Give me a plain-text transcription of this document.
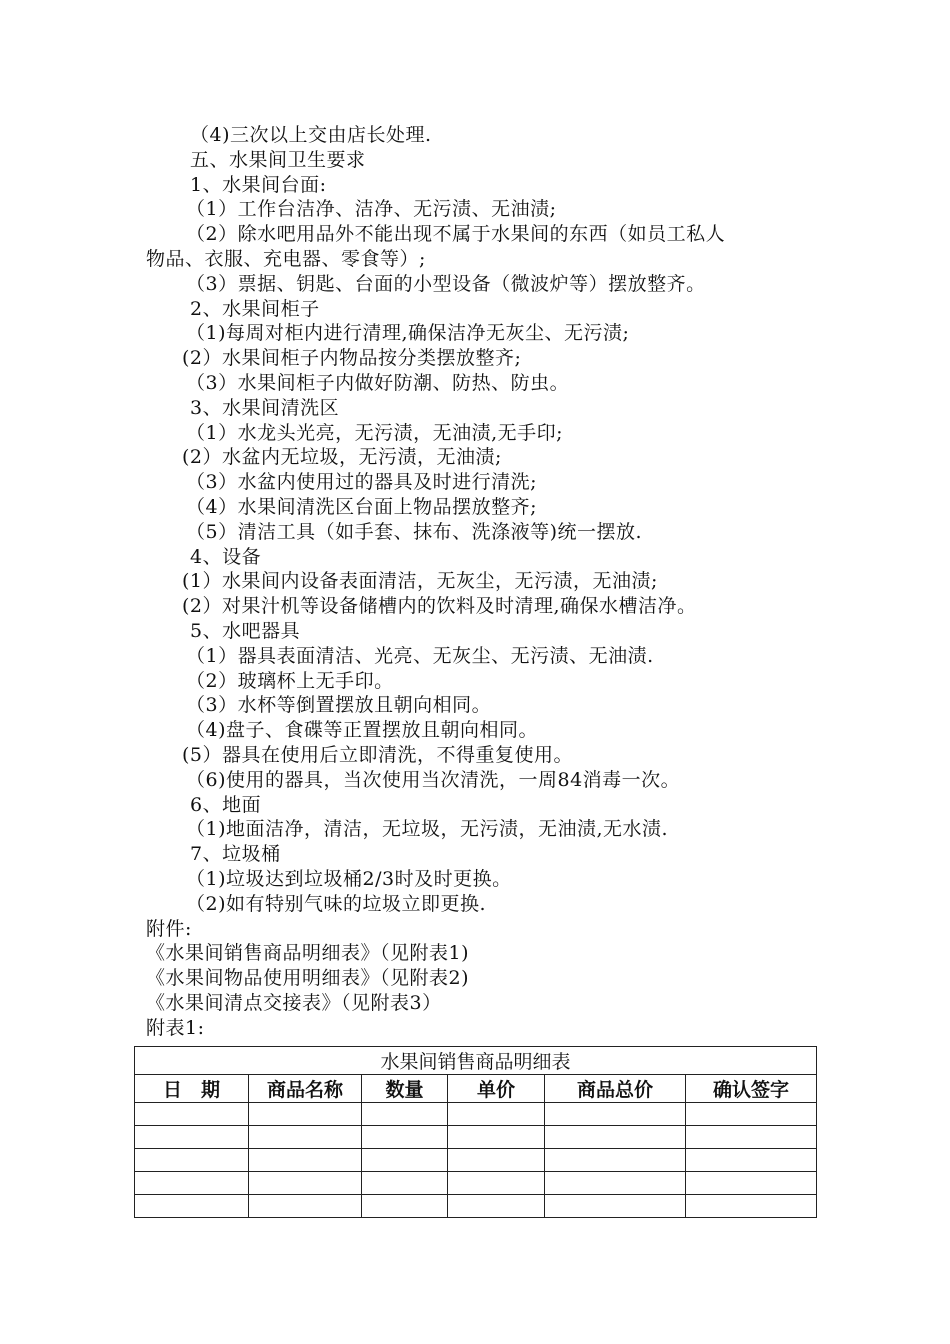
（4)三次以上交由店长处理.
五、水果间卫生要求
1、水果间台面:
（1）工作台洁净、洁净、无污渍、无油渍;
（2）除水吧用品外不能出现不属于水果间的东西（如员工私人
物品、衣服、充电器、零食等）;
（3）票据、钥匙、台面的小型设备（微波炉等）摆放整齐。
2、水果间柜子
（1)每周对柜内进行清理,确保洁净无灰尘、无污渍;
(2）水果间柜子内物品按分类摆放整齐;
（3）水果间柜子内做好防潮、防热、防虫。
3、水果间清洗区
（1）水龙头光亮，无污渍，无油渍,无手印;
(2）水盆内无垃圾，无污渍，无油渍;
（3）水盆内使用过的器具及时进行清洗;
（4）水果间清洗区台面上物品摆放整齐;
（5）清洁工具（如手套、抹布、洗涤液等)统一摆放.
4、设备
(1）水果间内设备表面清洁，无灰尘，无污渍，无油渍;
(2）对果汁机等设备储槽内的饮料及时清理,确保水槽洁净。
5、水吧器具
（1）器具表面清洁、光亮、无灰尘、无污渍、无油渍.
（2）玻璃杯上无手印。
（3）水杯等倒置摆放且朝向相同。
（4)盘子、食碟等正置摆放且朝向相同。
(5）器具在使用后立即清洗，不得重复使用。
（6)使用的器具，当次使用当次清洗，一周84消毒一次。
6、地面
（1)地面洁净，清洁，无垃圾，无污渍，无油渍,无水渍.
7、垃圾桶
（1)垃圾达到垃圾桶2/3时及时更换。
（2)如有特别气味的垃圾立即更换.
附件:
《水果间销售商品明细表》（见附表1)
《水果间物品使用明细表》（见附表2)
《水果间清点交接表》（见附表3）
附表1:
水果间销售商品明细表					
日　期	商品名称	数量	单价	商品总价	确认签字
